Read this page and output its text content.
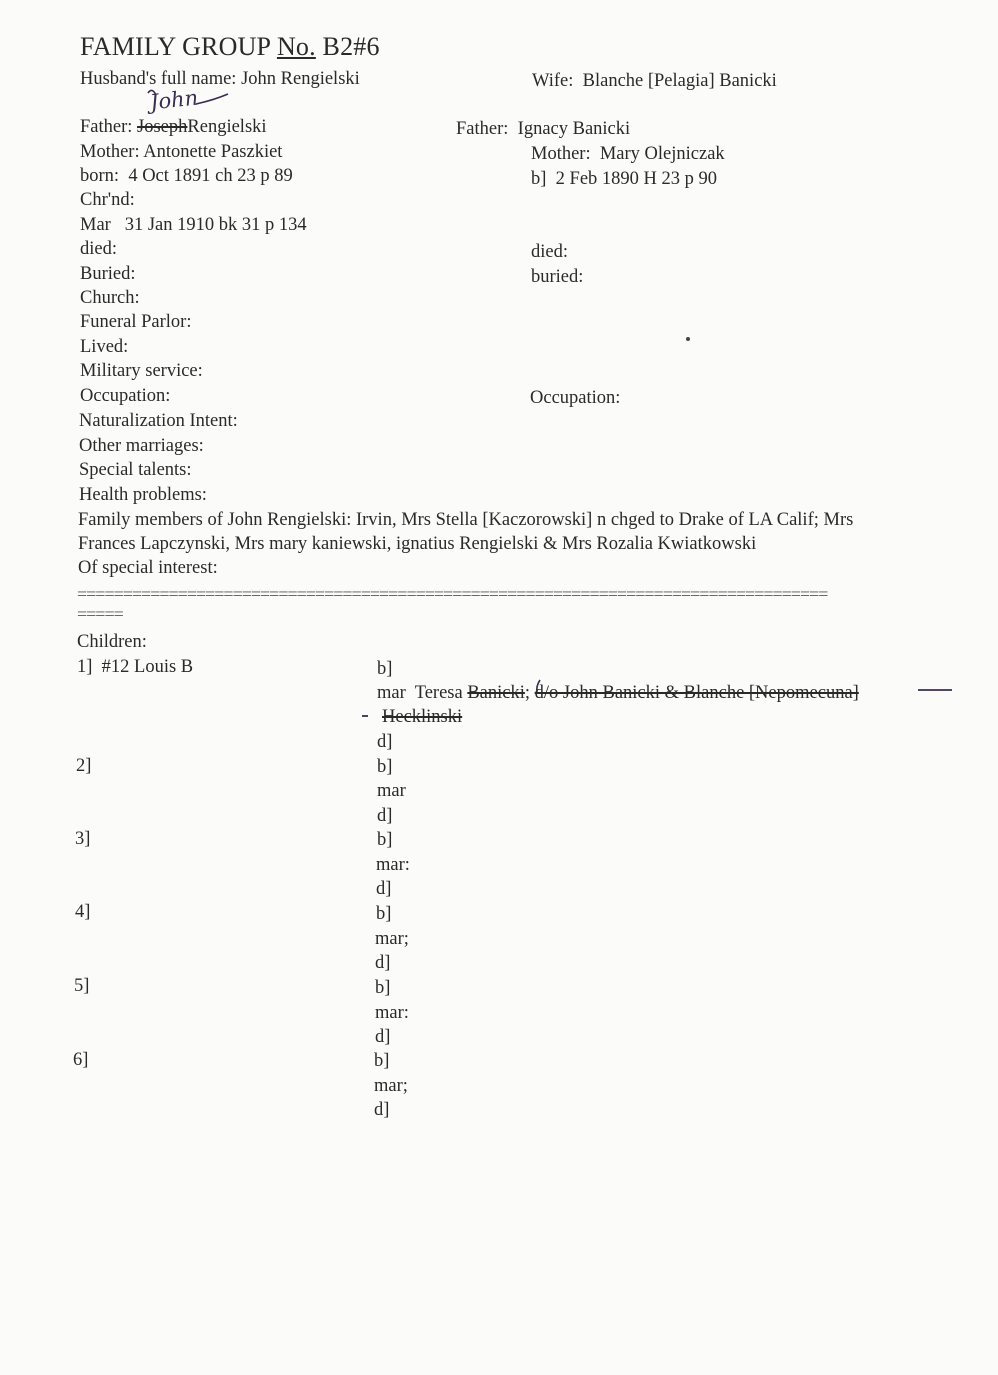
FAMILY GROUP No. B2#6
Husband's full name: John Rengielski	Wife: Blanche [Pelagia] Banicki
John
Father: JosephRengielski	Father: Ignacy Banicki
Mother: Antonette Paszkiet	Mother: Mary Olejniczak
born: 4 Oct 1891 ch 23 p 89	b] 2 Feb 1890 H 23 p 90
Chr'nd:
Mar 31 Jan 1910 bk 31 p 134
died:	died:
Buried:	buried:
Church:
Funeral Parlor:
Lived:
Military service:
Occupation:	Occupation:
Naturalization Intent:
Other marriages:
Special talents:
Health problems:
Family members of John Rengielski: Irvin, Mrs Stella [Kaczorowski] n chged to Drake of LA Calif; Mrs
Frances Lapczynski, Mrs mary kaniewski, ignatius Rengielski & Mrs Rozalia Kwiatkowski
Of special interest:
==================================================================================
=====
Children:
1] #12 Louis B	b]
mar Teresa Banicki; d/o John Banicki & Blanche [Nepomecuna]
Hecklinski
d]
2]	b]
mar
d]
3]	b]
mar:
d]
4]	b]
mar;
d]
5]	b]
mar:
d]
6]	b]
mar;
d]
